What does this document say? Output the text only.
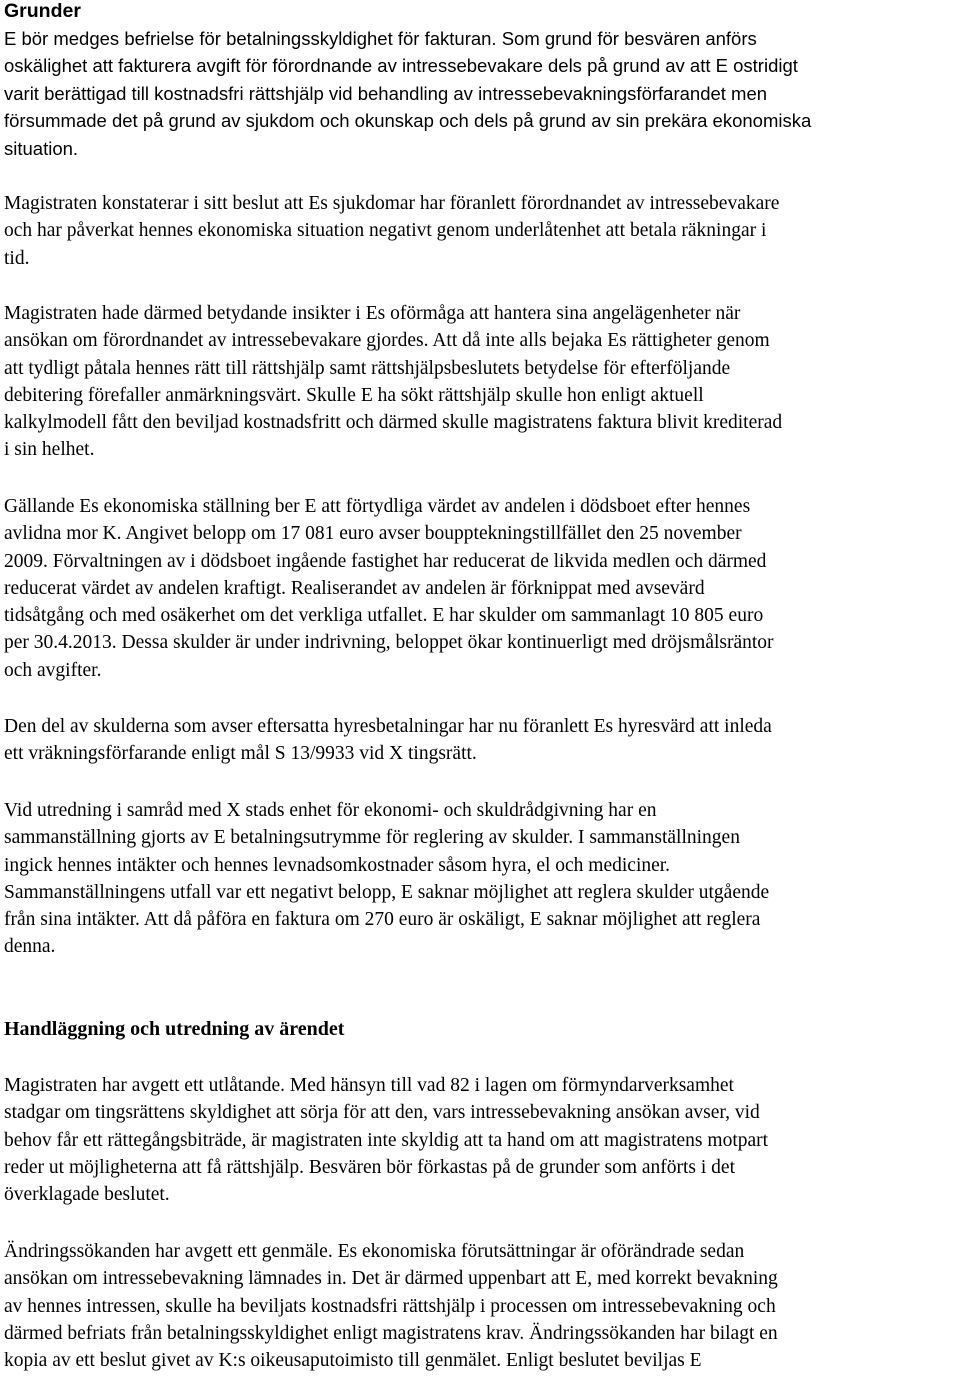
Grunder
E bör medges befrielse för betalningsskyldighet för fakturan. Som grund för besvären anförs
oskälighet att fakturera avgift för förordnande av intressebevakare dels på grund av att E ostridigt
varit berättigad till kostnadsfri rättshjälp vid behandling av intressebevakningsförfarandet men
försummade det på grund av sjukdom och okunskap och dels på grund av sin prekära ekonomiska
situation.
Magistraten konstaterar i sitt beslut att Es sjukdomar har föranlett förordnandet av intressebevakare
och har påverkat hennes ekonomiska situation negativt genom underlåtenhet att betala räkningar i
tid.
Magistraten hade därmed betydande insikter i Es oförmåga att hantera sina angelägenheter när
ansökan om förordnandet av intressebevakare gjordes. Att då inte alls bejaka Es rättigheter genom
att tydligt påtala hennes rätt till rättshjälp samt rättshjälpsbeslutets betydelse för efterföljande
debitering förefaller anmärkningsvärt. Skulle E ha sökt rättshjälp skulle hon enligt aktuell
kalkylmodell fått den beviljad kostnadsfritt och därmed skulle magistratens faktura blivit krediterad
i sin helhet.
Gällande Es ekonomiska ställning ber E att förtydliga värdet av andelen i dödsboet efter hennes
avlidna mor K. Angivet belopp om 17 081 euro avser boupptekningstillfället den 25 november
2009. Förvaltningen av i dödsboet ingående fastighet har reducerat de likvida medlen och därmed
reducerat värdet av andelen kraftigt. Realiserandet av andelen är förknippat med avsevärd
tidsåtgång och med osäkerhet om det verkliga utfallet. E har skulder om sammanlagt 10 805 euro
per 30.4.2013. Dessa skulder är under indrivning, beloppet ökar kontinuerligt med dröjsmålsräntor
och avgifter.
Den del av skulderna som avser eftersatta hyresbetalningar har nu föranlett Es hyresvärd att inleda
ett vräkningsförfarande enligt mål S 13/9933 vid X tingsrätt.
Vid utredning i samråd med X stads enhet för ekonomi- och skuldrådgivning har en
sammanställning gjorts av E betalningsutrymme för reglering av skulder. I sammanställningen
ingick hennes intäkter och hennes levnadsomkostnader såsom hyra, el och mediciner.
Sammanställningens utfall var ett negativt belopp, E saknar möjlighet att reglera skulder utgående
från sina intäkter. Att då påföra en faktura om 270 euro är oskäligt, E saknar möjlighet att reglera
denna.
Handläggning och utredning av ärendet
Magistraten har avgett ett utlåtande. Med hänsyn till vad 82 i lagen om förmyndarverksamhet
stadgar om tingsrättens skyldighet att sörja för att den, vars intressebevakning ansökan avser, vid
behov får ett rättegångsbiträde, är magistraten inte skyldig att ta hand om att magistratens motpart
reder ut möjligheterna att få rättshjälp. Besvären bör förkastas på de grunder som anförts i det
överklagade beslutet.
Ändringssökanden har avgett ett genmäle. Es ekonomiska förutsättningar är oförändrade sedan
ansökan om intressebevakning lämnades in. Det är därmed uppenbart att E, med korrekt bevakning
av hennes intressen, skulle ha beviljats kostnadsfri rättshjälp i processen om intressebevakning och
därmed befriats från betalningsskyldighet enligt magistratens krav. Ändringssökanden har bilagt en
kopia av ett beslut givet av K:s oikeusaputoimisto till genmälet. Enligt beslutet beviljas E
